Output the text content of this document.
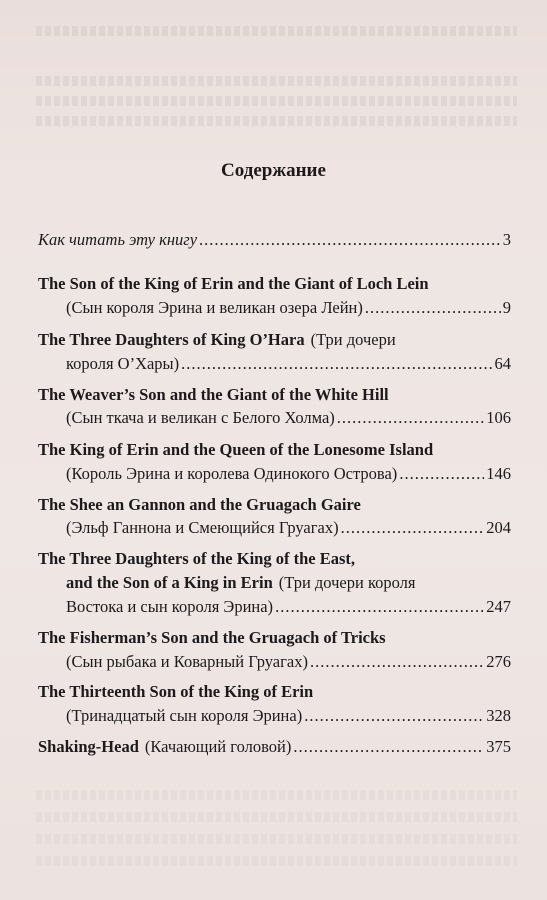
Содержание
Как читать эту книгу .....	3
The Son of the King of Erin and the Giant of Loch Lein
(Сын короля Эрина и великан озера Лейн) .....	9
The Three Daughters of King O’Hara (Три дочери
короля О’Хары) .....	64
The Weaver’s Son and the Giant of the White Hill
(Сын ткача и великан с Белого Холма) .....	106
The King of Erin and the Queen of the Lonesome Island
(Король Эрина и королева Одинокого Острова) .....	146
The Shee an Gannon and the Gruagach Gaire
(Эльф Ганнона и Смеющийся Груагах) .....	204
The Three Daughters of the King of the East,
and the Son of a King in Erin (Три дочери короля
Востока и сын короля Эрина) .....	247
The Fisherman’s Son and the Gruagach of Tricks
(Сын рыбака и Коварный Груагах) .....	276
The Thirteenth Son of the King of Erin
(Тринадцатый сын короля Эрина) .....	328
Shaking-Head (Качающий головой) .....	375
